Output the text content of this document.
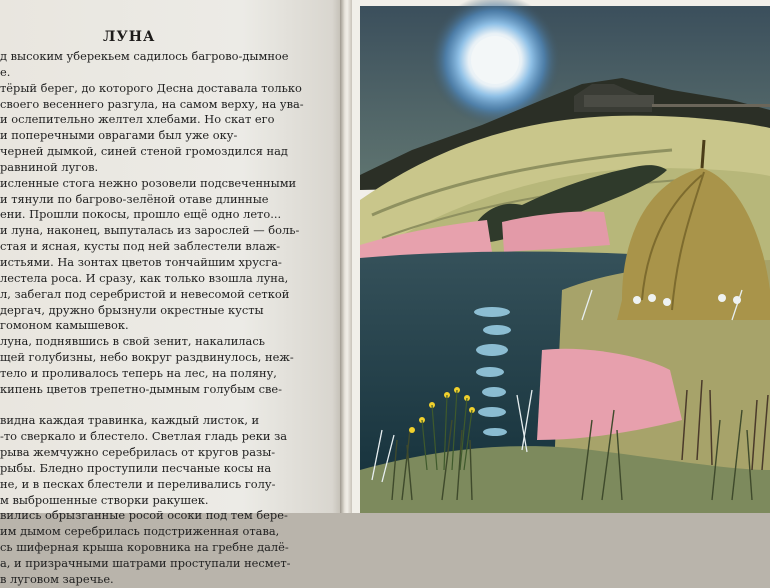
ЛУНА
д высоким уберекьем садилось багрово-дымное
е.
тёрый берег, до которого Десна доставала только
своего весеннего разгула, на самом верху, на ува-
и ослепительно желтел хлебами. Но скат его
и поперечными оврагами был уже оку-
черней дымкой, синей стеной громоздился над
равниной лугов.
исленные стога нежно розовели подсвеченными
и тянули по багрово-зелёной отаве длинные
ени. Прошли покосы, прошло ещё одно лето...
и луна, наконец, выпуталась из зарослей — боль-
стая и ясная, кусты под ней заблестели влаж-
истьями. На зонтах цветов тончайшим хрусга-
лестела роса. И сразу, как только взошла луна,
л, забегал под серебристой и невесомой сеткой
дергач, дружно брызнули окрестные кусты
гомоном камышевок.
луна, поднявшись в свой зенит, накалилась
щей голубизны, небо вокруг раздвинулось, неж-
тело и проливалось теперь на лес, на поляну,
кипень цветов трепетно-дымным голубым све-
видна каждая травинка, каждый листок, и
-то сверкало и блестело. Светлая гладь реки за
рыва жемчужно серебрилась от кругов разы-
рыбы. Бледно проступили песчаные косы на
не, и в песках блестели и переливались голу-
м выброшенные створки ракушек.
вились обрызганные росой осоки под тем бере-
им дымом серебрилась подстриженная отава,
сь шиферная крыша коровника на гребне далё-
а, и призрачными шатрами проступали несмет-
в луговом заречье.
